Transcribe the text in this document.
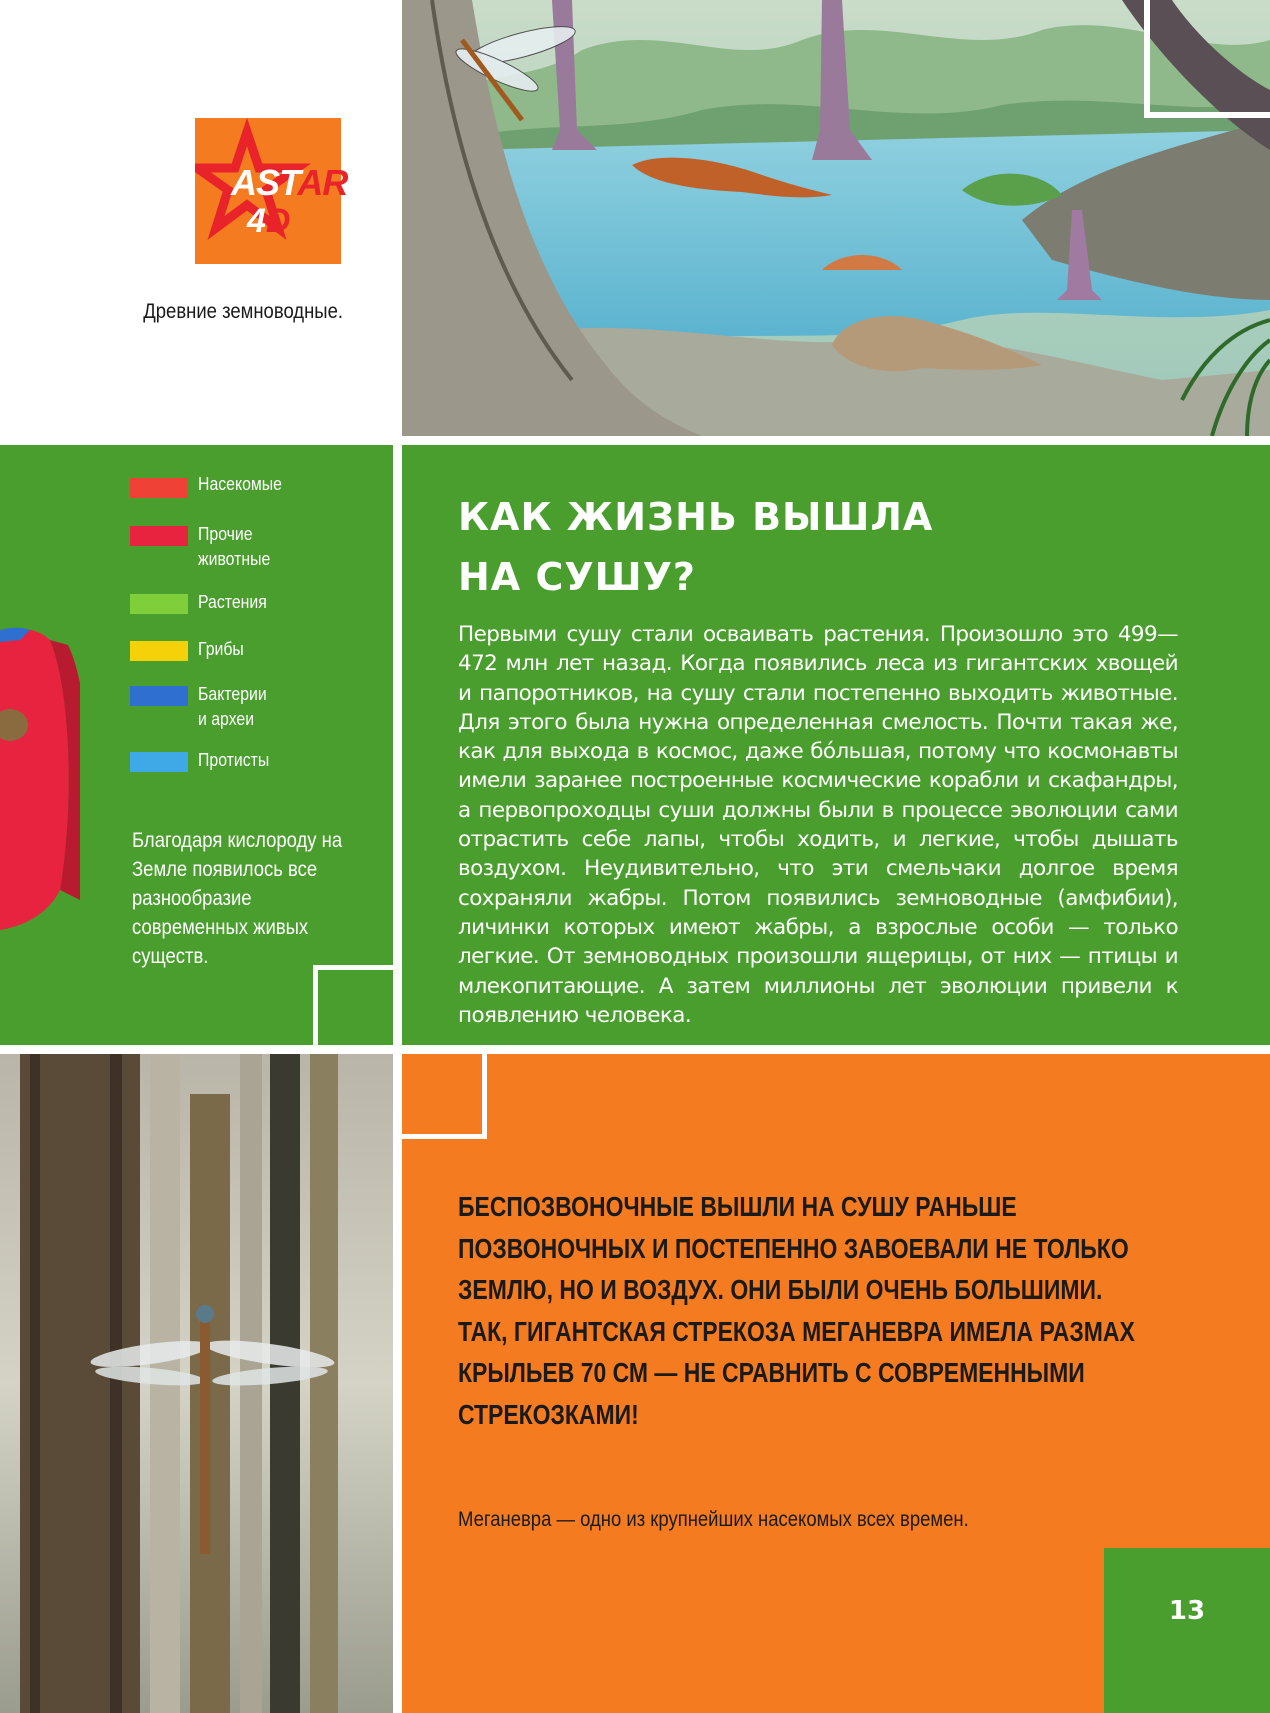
ASTAR
4D
Древние земноводные.
Насекомые
Прочие
животные
Растения
Грибы
Бактерии
и археи
Протисты
Благодаря кислороду на Земле появилось все разнообразие современных живых существ.
КАК ЖИЗНЬ ВЫШЛА
НА СУШУ?
Первыми сушу стали осваивать растения. Произошло это 499—472 млн лет назад. Когда появились леса из гигантских хвощей и папоротников, на сушу стали постепенно выходить животные. Для этого была нужна определенная смелость. Почти такая же, как для выхода в космос, даже бóльшая, потому что космонавты имели заранее построенные космические корабли и скафандры, а первопроходцы суши должны были в процессе эволюции сами отрастить себе лапы, чтобы ходить, и легкие, чтобы дышать воздухом. Неудивительно, что эти смельчаки долгое время сохраняли жабры. Потом появились земноводные (амфибии), личинки которых имеют жабры, а взрослые особи — только легкие. От земноводных произошли ящерицы, от них — птицы и млекопитающие. А затем миллионы лет эволюции привели к появлению человека.
БЕСПОЗВОНОЧНЫЕ ВЫШЛИ НА СУШУ РАНЬШЕ
ПОЗВОНОЧНЫХ И ПОСТЕПЕННО ЗАВОЕВАЛИ НЕ ТОЛЬКО
ЗЕМЛЮ, НО И ВОЗДУХ. ОНИ БЫЛИ ОЧЕНЬ БОЛЬШИМИ.
ТАК, ГИГАНТСКАЯ СТРЕКОЗА МЕГАНЕВРА ИМЕЛА РАЗМАХ
КРЫЛЬЕВ 70 СМ — НЕ СРАВНИТЬ С СОВРЕМЕННЫМИ
СТРЕКОЗКАМИ!
Меганевра — одно из крупнейших насекомых всех времен.
13
